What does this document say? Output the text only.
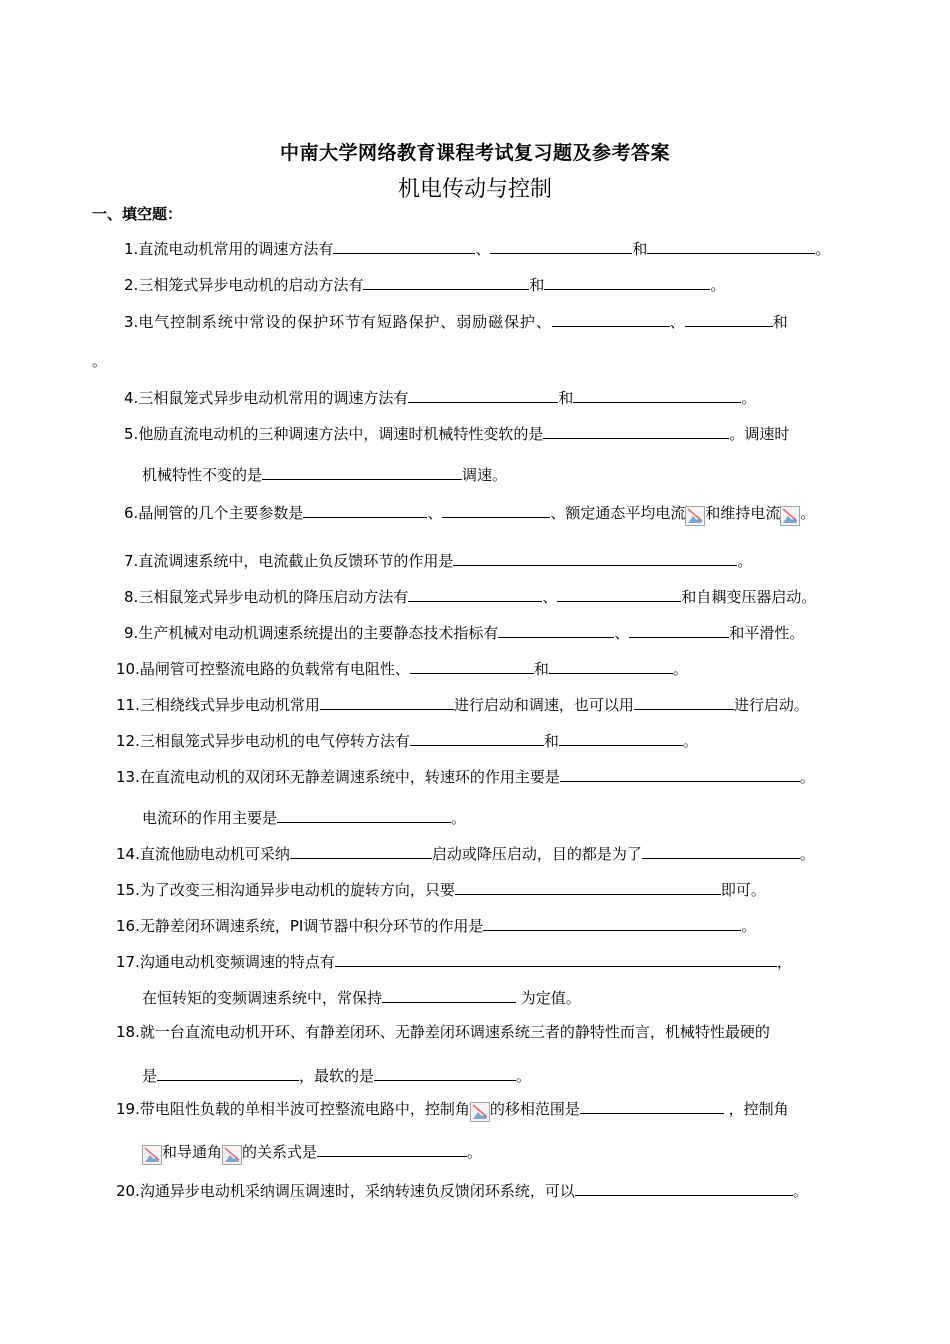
中南大学网络教育课程考试复习题及参考答案
机电传动与控制
一、填空题：
1.直流电动机常用的调速方法有	、	和	。
2.三相笼式异步电动机的启动方法有	和	。
3.电气控制系统中常设的保护环节有短路保护、弱励磁保护、	、	和
。
4.三相鼠笼式异步电动机常用的调速方法有	和	。
5.他励直流电动机的三种调速方法中，调速时机械特性变软的是	。调速时
机械特性不变的是	调速。
6.晶闸管的几个主要参数是	、	、额定通态平均电流 和维持电流 。
7.直流调速系统中，电流截止负反馈环节的作用是	。
8.三相鼠笼式异步电动机的降压启动方法有	、	和自耦变压器启动。
9.生产机械对电动机调速系统提出的主要静态技术指标有	、	和平滑性。
10.晶闸管可控整流电路的负载常有电阻性、	和	。
11.三相绕线式异步电动机常用	进行启动和调速，也可以用	进行启动。
12.三相鼠笼式异步电动机的电气停转方法有	和	。
13.在直流电动机的双闭环无静差调速系统中，转速环的作用主要是	。
电流环的作用主要是	。
14.直流他励电动机可采纳	启动或降压启动，目的都是为了	。
15.为了改变三相沟通异步电动机的旋转方向，只要	即可。
16.无静差闭环调速系统，PI调节器中积分环节的作用是	。
17.沟通电动机变频调速的特点有	，
在恒转矩的变频调速系统中，常保持	为定值。
18.就一台直流电动机开环、有静差闭环、无静差闭环调速系统三者的静特性而言，机械特性最硬的
是	，最软的是	。
19.带电阻性负载的单相半波可控整流电路中，控制角 的移相范围是	，控制角
和导通角 的关系式是	。
20.沟通异步电动机采纳调压调速时，采纳转速负反馈闭环系统，可以	。
